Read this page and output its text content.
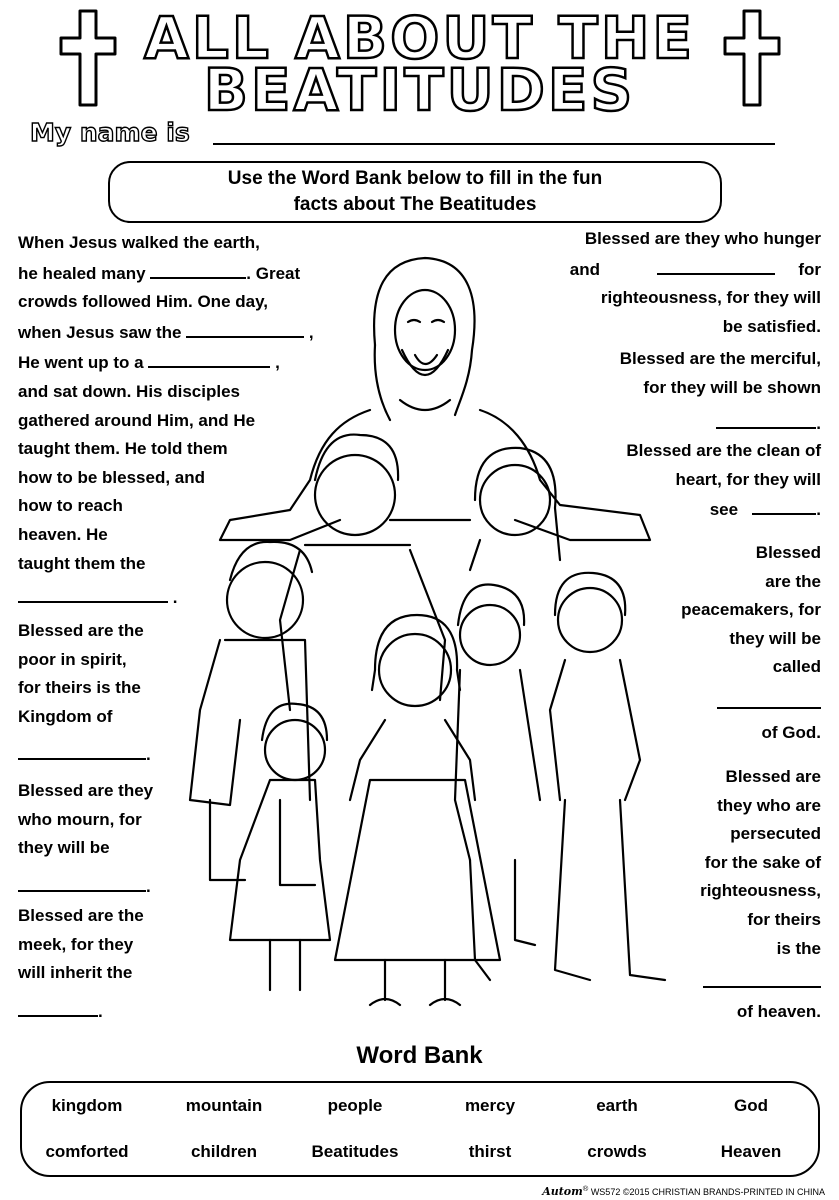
ALL ABOUT THE
BEATITUDES
My name is
Use the Word Bank below to fill in the fun
facts about The Beatitudes
When Jesus walked the earth,
he healed many	. Great
crowds followed Him. One day,
when Jesus saw the	,
He went up to a	,
and sat down. His disciples
gathered around Him, and He
taught them. He told them
how to be blessed, and
how to reach
heaven. He
taught them the
.
Blessed are the
poor in spirit,
for theirs is the
Kingdom of
.
Blessed are they
who mourn, for
they will be
.
Blessed are the
meek, for they
will inherit the
.
Blessed are they who hunger
and	for
righteousness, for they will
be satisfied.
Blessed are the merciful,
for they will be shown
.
Blessed are the clean of
heart, for they will
see	.
Blessed
are the
peacemakers, for
they will be
called
of God.
Blessed are
they who are
persecuted
for the sake of
righteousness,
for theirs
is the
of heaven.
Word Bank
kingdom	mountain	people	mercy	earth	God
comforted	children	Beatitudes	thirst	crowds	Heaven
Autom® WS572 ©2015 CHRISTIAN BRANDS-PRINTED IN CHINA
